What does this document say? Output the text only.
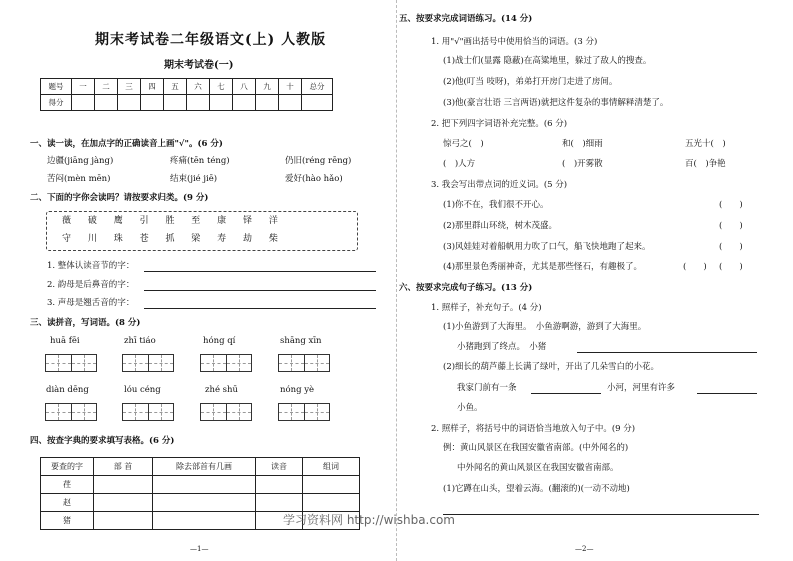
期末考试卷二年级语文(上) 人教版
期末考试卷(一)
题号	一	二	三	四	五	六	七	八	九	十	总分
得分											
一、读一读，在加点字的正确读音上画"√"。(6 分)
边疆(jiāng jàng)	疼痛(tēn téng)	仍旧(réng rēng)
苦闷(mèn mēn)	结束(jié jiē)	爱好(hào hǎo)
二、下面的字你会读吗？请按要求归类。(9 分)
薇 破 鹰 引 胜 至 康 铎 洋
守 川 珠 苍 抓 梁 寿 劫 柴
1. 整体认读音节的字：
2. 韵母是后鼻音的字：
3. 声母是翘舌音的字：
三、读拼音，写词语。(8 分)
huā fēi	zhī tiáo	hóng qí	shāng xīn
diàn dēng	lóu céng	zhé shū	nóng yè
四、按查字典的要求填写表格。(6 分)
要查的字	部 首	除去部首有几画	读音	组词
荏				
赵				
猪				
—1—
五、按要求完成词语练习。(14 分)
1. 用"√"画出括号中使用恰当的词语。(3 分)
(1)战士们(显露 隐蔽)在高粱地里，躲过了敌人的搜查。
(2)他(叮当 吱呀)，弟弟打开房门走进了房间。
(3)他(豪言壮语 三言两语)就把这件复杂的事情解释清楚了。
2. 把下列四字词语补充完整。(6 分)
惊弓之(　)	和(　)细雨	五光十(　)
(　)人方	(　)开雾散	百(　)争艳
3. 我会写出带点词的近义词。(5 分)
(1)你不在，我们很不开心。	(　　)
(2)那里群山环绕，树木茂盛。	(　　)
(3)风娃娃对着船帆用力吹了口气，船飞快地跑了起来。	(　　)
(4)那里景色秀丽神奇，尤其是那些怪石，有趣极了。	(　　) (　　)
六、按要求完成句子练习。(13 分)
1. 照样子，补充句子。(4 分)
(1)小鱼游到了大海里。　小鱼游啊游，游到了大海里。
小猪跑到了终点。　小猪
(2)细长的葫芦藤上长满了绿叶，开出了几朵雪白的小花。
我家门前有一条	小河，河里有许多
小鱼。
2. 照样子，将括号中的词语恰当地放入句子中。(9 分)
例：黄山风景区在我国安徽省南部。(中外闻名的)
中外闻名的黄山风景区在我国安徽省南部。
(1)它蹲在山头，望着云海。(翻滚的)(一动不动地)
—2—
学习资料网 http://wishba.com
